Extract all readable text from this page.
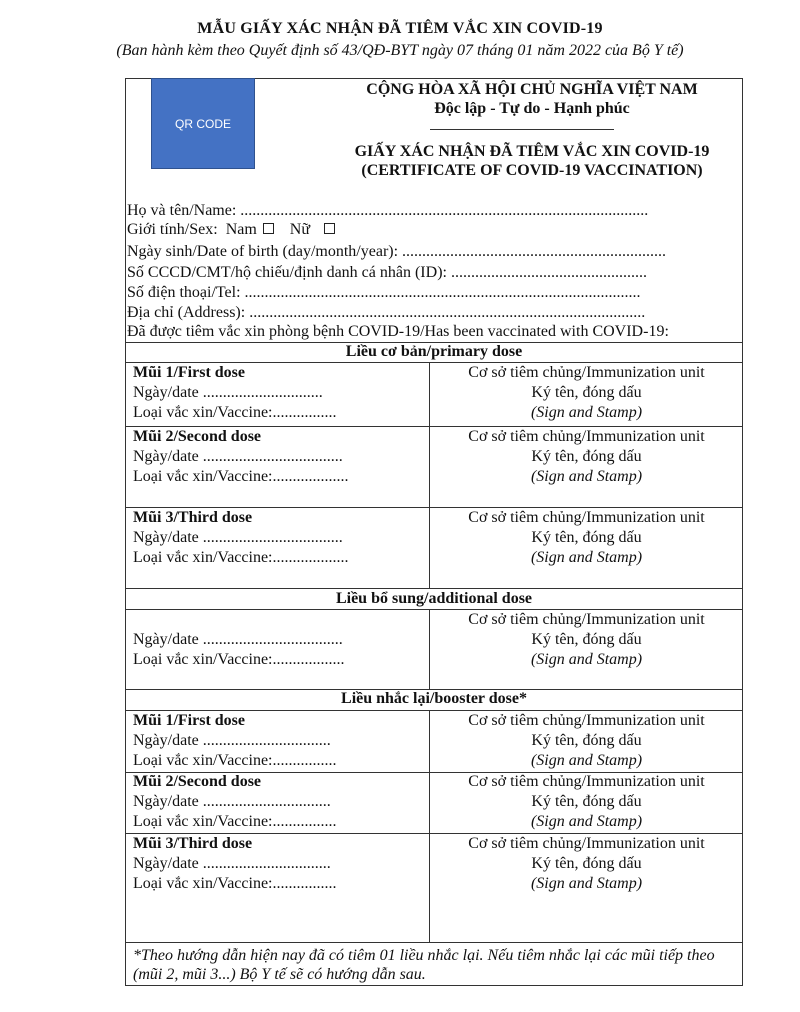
MẪU GIẤY XÁC NHẬN ĐÃ TIÊM VẮC XIN COVID-19
(Ban hành kèm theo Quyết định số 43/QĐ-BYT ngày 07 tháng 01 năm 2022 của Bộ Y tế)
QR CODE
CỘNG HÒA XÃ HỘI CHỦ NGHĨA VIỆT NAM
Độc lập - Tự do - Hạnh phúc
GIẤY XÁC NHẬN ĐÃ TIÊM VẮC XIN COVID-19
(CERTIFICATE OF COVID-19 VACCINATION)
Họ và tên/Name: ......................................................................................................
Giới tính/Sex: Nam Nữ
Ngày sinh/Date of birth (day/month/year): ..................................................................
Số CCCD/CMT/hộ chiếu/định danh cá nhân (ID): .................................................
Số điện thoại/Tel: ...................................................................................................
Địa chỉ (Address): ...................................................................................................
Đã được tiêm vắc xin phòng bệnh COVID-19/Has been vaccinated with COVID-19:
Liều cơ bản/primary dose
Mũi 1/First dose
Ngày/date ..............................
Loại vắc xin/Vaccine:................
Cơ sở tiêm chủng/Immunization unit
Ký tên, đóng dấu
(Sign and Stamp)
Mũi 2/Second dose
Ngày/date ...................................
Loại vắc xin/Vaccine:...................
Cơ sở tiêm chủng/Immunization unit
Ký tên, đóng dấu
(Sign and Stamp)
Mũi 3/Third dose
Ngày/date ...................................
Loại vắc xin/Vaccine:...................
Cơ sở tiêm chủng/Immunization unit
Ký tên, đóng dấu
(Sign and Stamp)
Liều bổ sung/additional dose
Ngày/date ...................................
Loại vắc xin/Vaccine:..................
Cơ sở tiêm chủng/Immunization unit
Ký tên, đóng dấu
(Sign and Stamp)
Liều nhắc lại/booster dose*
Mũi 1/First dose
Ngày/date ................................
Loại vắc xin/Vaccine:................
Cơ sở tiêm chủng/Immunization unit
Ký tên, đóng dấu
(Sign and Stamp)
Mũi 2/Second dose
Ngày/date ................................
Loại vắc xin/Vaccine:................
Cơ sở tiêm chủng/Immunization unit
Ký tên, đóng dấu
(Sign and Stamp)
Mũi 3/Third dose
Ngày/date ................................
Loại vắc xin/Vaccine:................
Cơ sở tiêm chủng/Immunization unit
Ký tên, đóng dấu
(Sign and Stamp)
*Theo hướng dẫn hiện nay đã có tiêm 01 liều nhắc lại. Nếu tiêm nhắc lại các mũi tiếp theo (mũi 2, mũi 3...) Bộ Y tế sẽ có hướng dẫn sau.
